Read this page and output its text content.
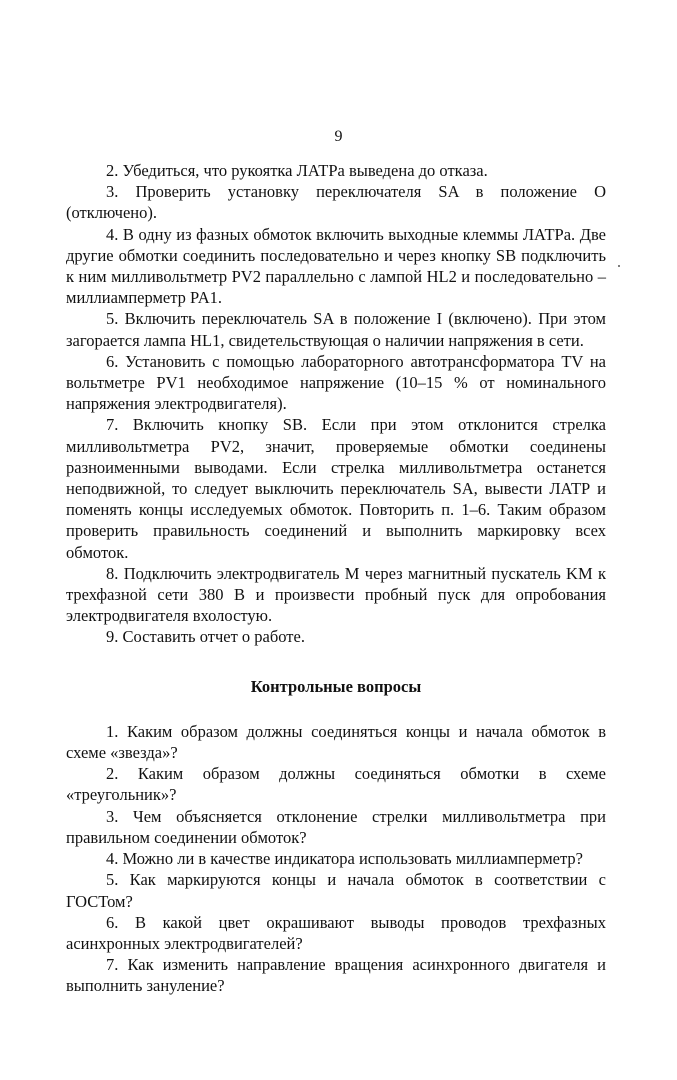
9

2. Убедиться, что рукоятка ЛАТРа выведена до отказа.

3. Проверить установку переключателя SA в положение O (отключено).

4. В одну из фазных обмоток включить выходные клеммы ЛАТРа. Две другие обмотки соединить последовательно и через кнопку SB подключить к ним милливольтметр PV2 параллельно с лампой HL2 и последовательно – миллиамперметр PA1.

5. Включить переключатель SA в положение I (включено). При этом загорается лампа HL1, свидетельствующая о наличии напряжения в сети.

6. Установить с помощью лабораторного автотрансформатора TV на вольтметре PV1 необходимое напряжение (10–15 % от номинального напряжения электродвигателя).

7. Включить кнопку SB. Если при этом отклонится стрелка милливольтметра PV2, значит, проверяемые обмотки соединены разноименными выводами. Если стрелка милливольтметра останется неподвижной, то следует выключить переключатель SA, вывести ЛАТР и поменять концы исследуемых обмоток. Повторить п. 1–6. Таким образом проверить правильность соединений и выполнить маркировку всех обмоток.

8. Подключить электродвигатель M через магнитный пускатель KM к трехфазной сети 380 В и произвести пробный пуск для опробования электродвигателя вхолостую.

9. Составить отчет о работе.

Контрольные вопросы

1. Каким образом должны соединяться концы и начала обмоток в схеме «звезда»?

2. Каким образом должны соединяться обмотки в схеме «треугольник»?

3. Чем объясняется отклонение стрелки милливольтметра при правильном соединении обмоток?

4. Можно ли в качестве индикатора использовать миллиамперметр?

5. Как маркируются концы и начала обмоток в соответствии с ГОСТом?

6. В какой цвет окрашивают выводы проводов трехфазных асинхронных электродвигателей?

7. Как изменить направление вращения асинхронного двигателя и выполнить зануление?
